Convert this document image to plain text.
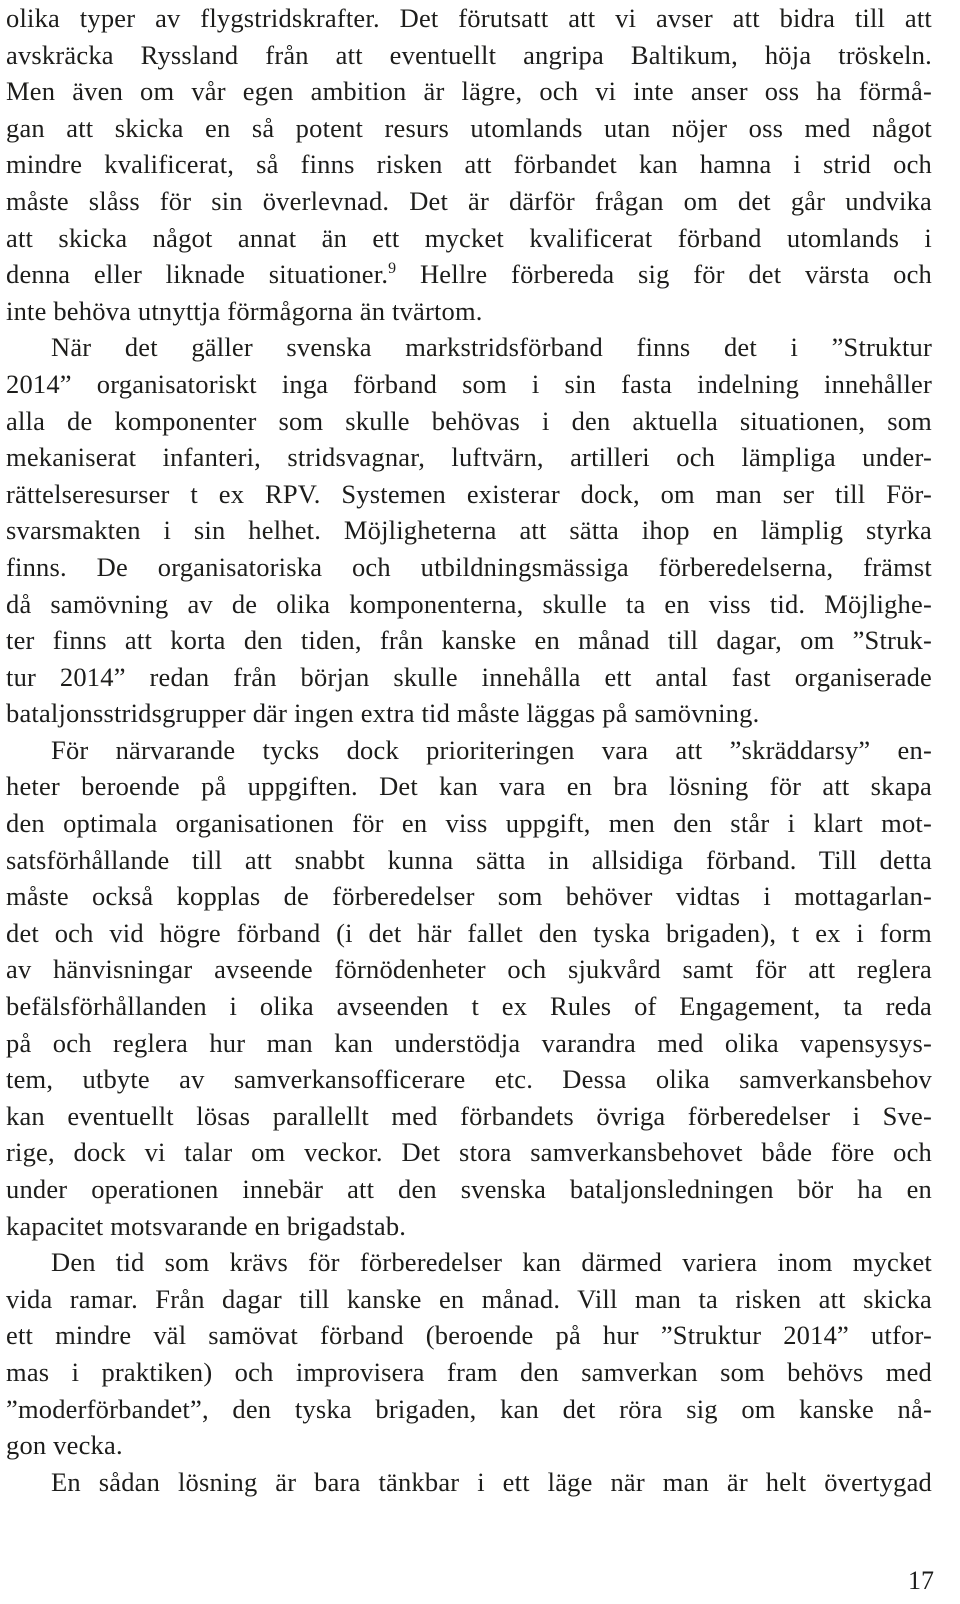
olika typer av flygstridskrafter. Det förutsatt att vi avser att bidra till att
avskräcka Ryssland från att eventuellt angripa Baltikum, höja tröskeln.
Men även om vår egen ambition är lägre, och vi inte anser oss ha förmå-
gan att skicka en så potent resurs utomlands utan nöjer oss med något
mindre kvalificerat, så finns risken att förbandet kan hamna i strid och
måste slåss för sin överlevnad. Det är därför frågan om det går undvika
att skicka något annat än ett mycket kvalificerat förband utomlands i
denna eller liknade situationer.$^9$ Hellre förbereda sig för det värsta och
inte behöva utnyttja förmågorna än tvärtom.
När det gäller svenska markstridsförband finns det i ”Struktur
2014” organisatoriskt inga förband som i sin fasta indelning innehåller
alla de komponenter som skulle behövas i den aktuella situationen, som
mekaniserat infanteri, stridsvagnar, luftvärn, artilleri och lämpliga under-
rättelseresurser t ex RPV. Systemen existerar dock, om man ser till För-
svarsmakten i sin helhet. Möjligheterna att sätta ihop en lämplig styrka
finns. De organisatoriska och utbildningsmässiga förberedelserna, främst
då samövning av de olika komponenterna, skulle ta en viss tid. Möjlighe-
ter finns att korta den tiden, från kanske en månad till dagar, om ”Struk-
tur 2014” redan från början skulle innehålla ett antal fast organiserade
bataljonsstridsgrupper där ingen extra tid måste läggas på samövning.
För närvarande tycks dock prioriteringen vara att ”skräddarsy” en-
heter beroende på uppgiften. Det kan vara en bra lösning för att skapa
den optimala organisationen för en viss uppgift, men den står i klart mot-
satsförhållande till att snabbt kunna sätta in allsidiga förband. Till detta
måste också kopplas de förberedelser som behöver vidtas i mottagarlan-
det och vid högre förband (i det här fallet den tyska brigaden), t ex i form
av hänvisningar avseende förnödenheter och sjukvård samt för att reglera
befälsförhållanden i olika avseenden t ex Rules of Engagement, ta reda
på och reglera hur man kan understödja varandra med olika vapensysys-
tem, utbyte av samverkansofficerare etc. Dessa olika samverkansbehov
kan eventuellt lösas parallellt med förbandets övriga förberedelser i Sve-
rige, dock vi talar om veckor. Det stora samverkansbehovet både före och
under operationen innebär att den svenska bataljonsledningen bör ha en
kapacitet motsvarande en brigadstab.
Den tid som krävs för förberedelser kan därmed variera inom mycket
vida ramar. Från dagar till kanske en månad. Vill man ta risken att skicka
ett mindre väl samövat förband (beroende på hur ”Struktur 2014” utfor-
mas i praktiken) och improvisera fram den samverkan som behövs med
”moderförbandet”, den tyska brigaden, kan det röra sig om kanske nå-
gon vecka.
En sådan lösning är bara tänkbar i ett läge när man är helt övertygad
17
